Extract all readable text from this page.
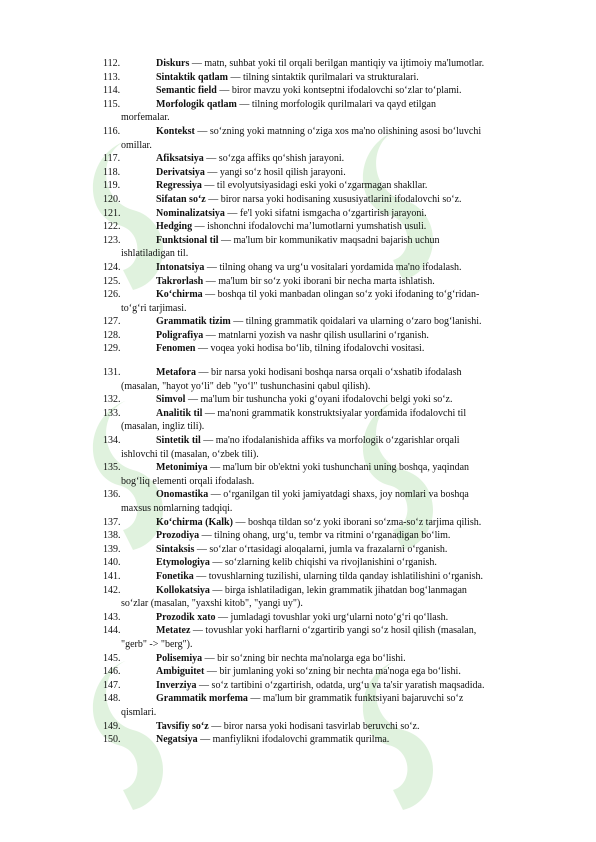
112.	Diskurs — matn, suhbat yoki til orqali berilgan mantiqiy va ijtimoiy ma'lumotlar.

113.	Sintaktik qatlam — tilning sintaktik qurilmalari va strukturalari.

114.	Semantic field — biror mavzu yoki kontseptni ifodalovchi so‘zlar to‘plami.

115.	Morfologik qatlam — tilning morfologik qurilmalari va qayd etilgan

morfemalar.

116.	Kontekst — so‘zning yoki matnning o‘ziga xos ma'no olishining asosi bo‘luvchi

omillar.

117.	Afiksatsiya — so‘zga affiks qo‘shish jarayoni.

118.	Derivatsiya — yangi so‘z hosil qilish jarayoni.

119.	Regressiya — til evolyutsiyasidagi eski yoki o‘zgarmagan shakllar.

120.	Sifatan so‘z — biror narsa yoki hodisaning xususiyatlarini ifodalovchi so‘z.

121.	Nominalizatsiya — fe'l yoki sifatni ismgacha o‘zgartirish jarayoni.

122.	Hedging — ishonchni ifodalovchi ma’lumotlarni yumshatish usuli.

123.	Funktsional til — ma'lum bir kommunikativ maqsadni bajarish uchun

ishlatiladigan til.

124.	Intonatsiya — tilning ohang va urg‘u vositalari yordamida ma'no ifodalash.

125.	Takrorlash — ma'lum bir so‘z yoki iborani bir necha marta ishlatish.

126.	Ko‘chirma — boshqa til yoki manbadan olingan so‘z yoki ifodaning to‘g‘ridan-

to‘g‘ri tarjimasi.

127.	Grammatik tizim — tilning grammatik qoidalari va ularning o‘zaro bog‘lanishi.

128.	Poligrafiya — matnlarni yozish va nashr qilish usullarini o‘rganish.

129.	Fenomen — voqea yoki hodisa bo‘lib, tilning ifodalovchi vositasi.

131.	Metafora — bir narsa yoki hodisani boshqa narsa orqali o‘xshatib ifodalash

(masalan, "hayot yo‘li" deb "yo‘l" tushunchasini qabul qilish).

132.	Simvol — ma'lum bir tushuncha yoki g‘oyani ifodalovchi belgi yoki so‘z.

133.	Analitik til — ma'noni grammatik konstruktsiyalar yordamida ifodalovchi til

(masalan, ingliz tili).

134.	Sintetik til — ma'no ifodalanishida affiks va morfologik o‘zgarishlar orqali

ishlovchi til (masalan, o‘zbek tili).

135.	Metonimiya — ma'lum bir ob'ektni yoki tushunchani uning boshqa, yaqindan

bog‘liq elementi orqali ifodalash.

136.	Onomastika — o‘rganilgan til yoki jamiyatdagi shaxs, joy nomlari va boshqa

maxsus nomlarning tadqiqi.

137.	Ko‘chirma (Kalk) — boshqa tildan so‘z yoki iborani so‘zma-so‘z tarjima qilish.

138.	Prozodiya — tilning ohang, urg‘u, tembr va ritmini o‘rganadigan bo‘lim.

139.	Sintaksis — so‘zlar o‘rtasidagi aloqalarni, jumla va frazalarni o‘rganish.

140.	Etymologiya — so‘zlarning kelib chiqishi va rivojlanishini o‘rganish.

141.	Fonetika — tovushlarning tuzilishi, ularning tilda qanday ishlatilishini o‘rganish.

142.	Kollokatsiya — birga ishlatiladigan, lekin grammatik jihatdan bog‘lanmagan

so‘zlar (masalan, "yaxshi kitob", "yangi uy").

143.	Prozodik xato — jumladagi tovushlar yoki urg‘ularni noto‘g‘ri qo‘llash.

144.	Metatez — tovushlar yoki harflarni o‘zgartirib yangi so‘z hosil qilish (masalan,

"gerb" -> "berg").

145.	Polisemiya — bir so‘zning bir nechta ma'nolarga ega bo‘lishi.

146.	Ambiguitet — bir jumlaning yoki so‘zning bir nechta ma'noga ega bo‘lishi.

147.	Inverziya — so‘z tartibini o‘zgartirish, odatda, urg‘u va ta'sir yaratish maqsadida.

148.	Grammatik morfema — ma'lum bir grammatik funktsiyani bajaruvchi so‘z

qismlari.

149.	Tavsifiy so‘z — biror narsa yoki hodisani tasvirlab beruvchi so‘z.

150.	Negatsiya — manfiylikni ifodalovchi grammatik qurilma.
